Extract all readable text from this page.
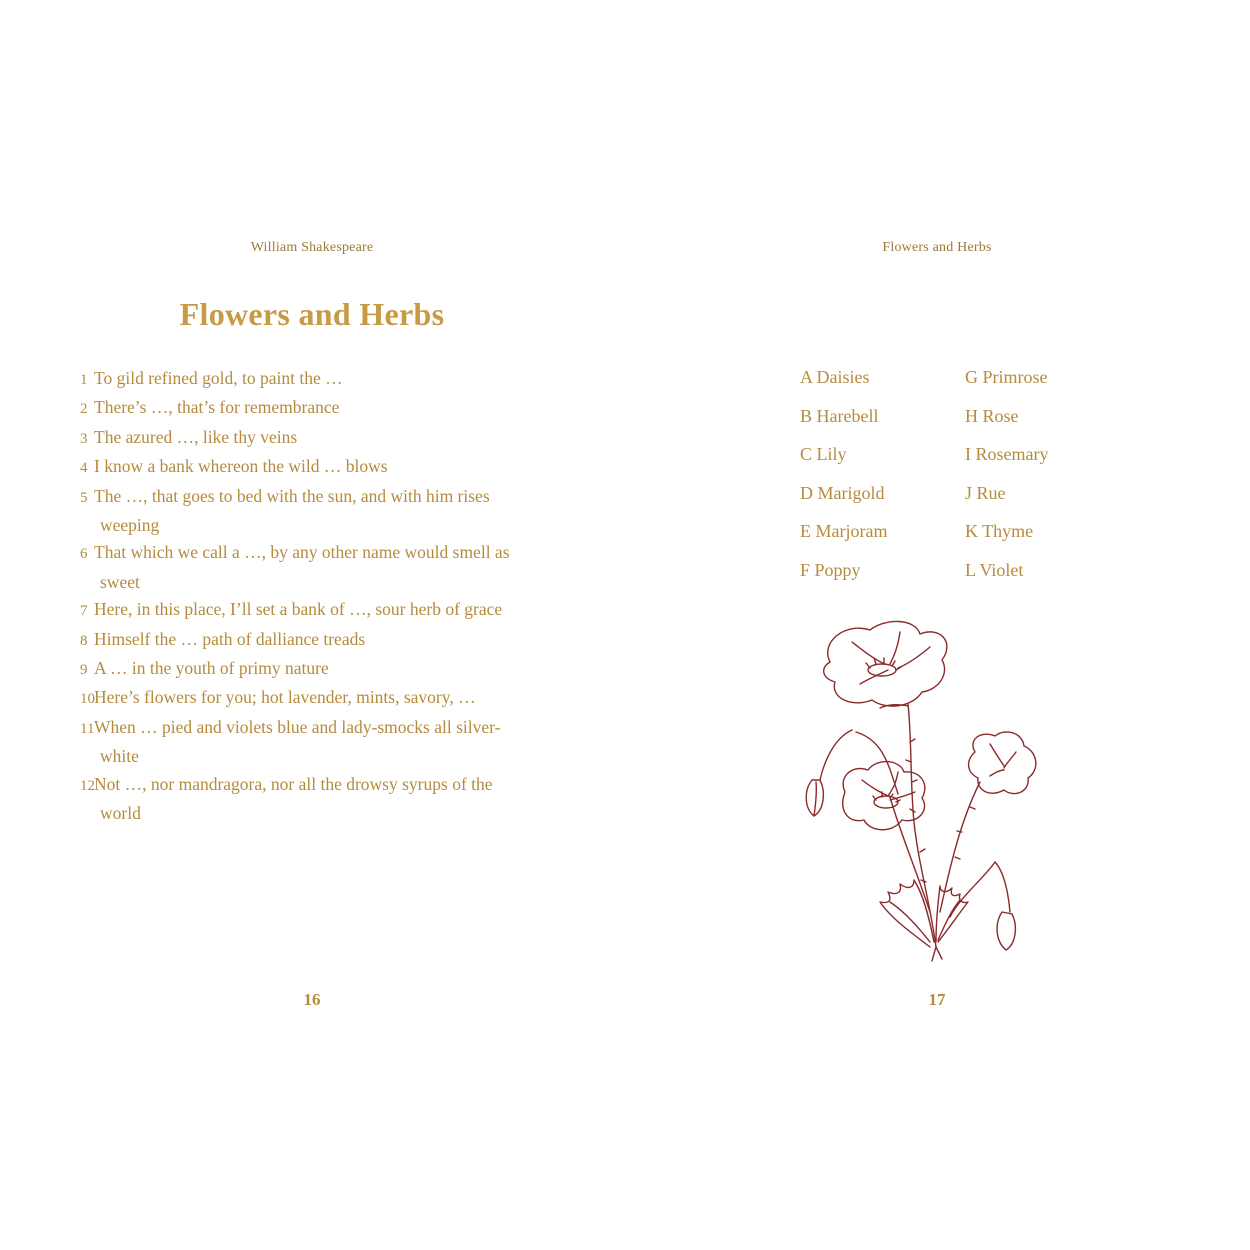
William Shakespeare
Flowers and Herbs
1 To gild refined gold, to paint the …
2 There’s …, that’s for remembrance
3 The azured …, like thy veins
4 I know a bank whereon the wild … blows
5 The …, that goes to bed with the sun, and with him rises weeping
6 That which we call a …, by any other name would smell as sweet
7 Here, in this place, I’ll set a bank of …, sour herb of grace
8 Himself the … path of dalliance treads
9 A … in the youth of primy nature
10Here’s flowers for you; hot lavender, mints, savory, …
11When … pied and violets blue and lady-smocks all silver-white
12Not …, nor mandragora, nor all the drowsy syrups of the world
16
Flowers and Herbs
A Daisies
B Harebell
C Lily
D Marigold
E Marjoram
F Poppy
G Primrose
H Rose
I Rosemary
J Rue
K Thyme
L Violet
17
